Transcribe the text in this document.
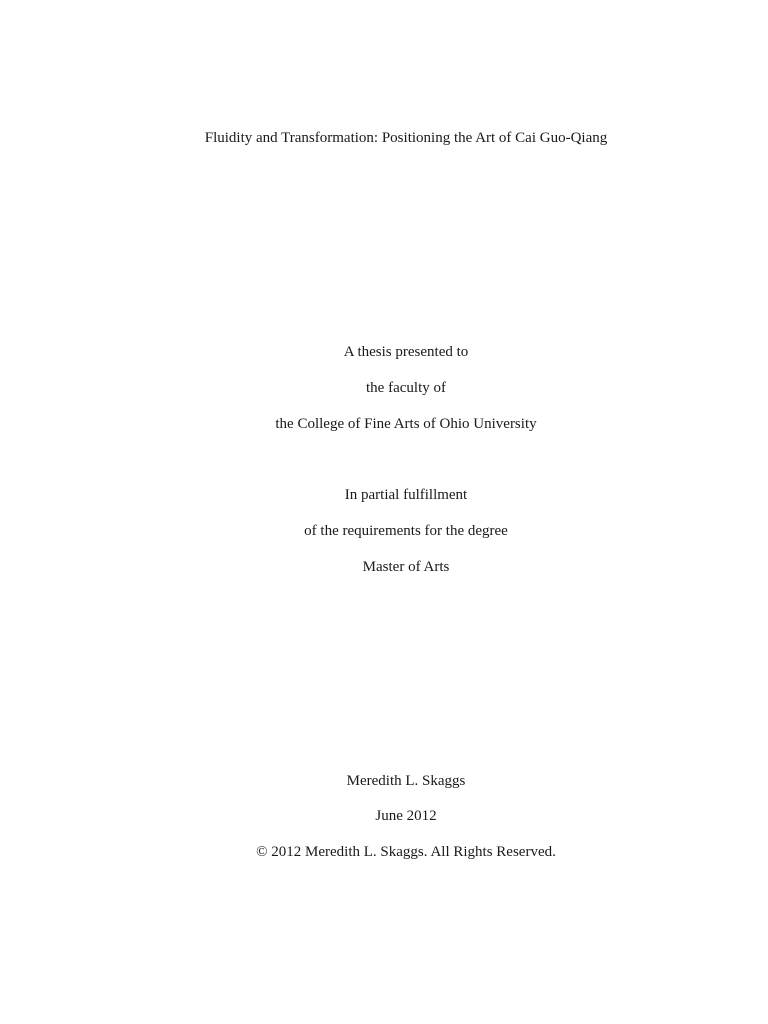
Fluidity and Transformation: Positioning the Art of Cai Guo-Qiang
A thesis presented to
the faculty of
the College of Fine Arts of Ohio University
In partial fulfillment
of the requirements for the degree
Master of Arts
Meredith L. Skaggs
June 2012
© 2012 Meredith L. Skaggs. All Rights Reserved.
